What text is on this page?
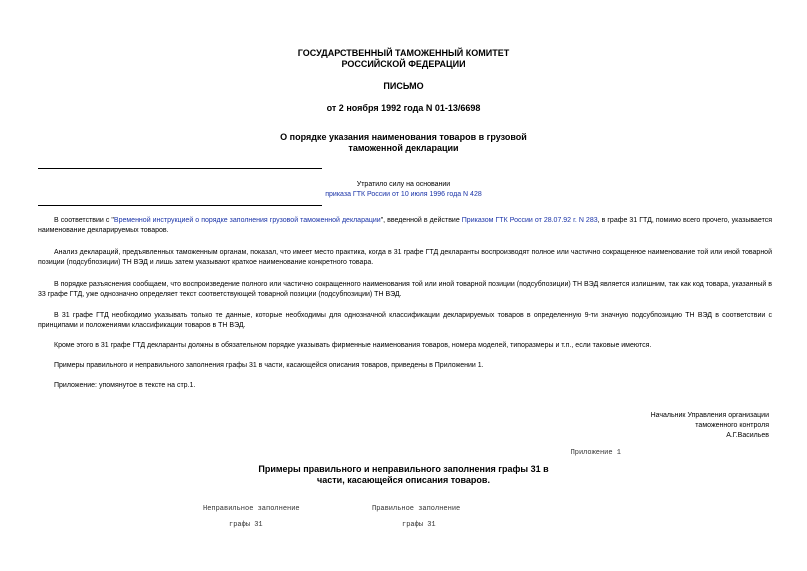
ГОСУДАРСТВЕННЫЙ ТАМОЖЕННЫЙ КОМИТЕТ
РОССИЙСКОЙ ФЕДЕРАЦИИ
ПИСЬМО
от 2 ноября 1992 года N 01-13/6698
О порядке указания наименования товаров в грузовой
таможенной декларации
Утратило силу на основании
приказа ГТК России от 10 июля 1996 года N 428
В соответствии с "Временной инструкцией о порядке заполнения грузовой таможенной декларации", введенной в действие Приказом ГТК России от 28.07.92 г. N 283, в графе 31 ГТД, помимо всего прочего, указывается наименование декларируемых товаров.
Анализ деклараций, предъявленных таможенным органам, показал, что имеет место практика, когда в 31 графе ГТД декларанты воспроизводят полное или частично сокращенное наименование той или иной товарной позиции (подсубпозиции) ТН ВЭД и лишь затем указывают краткое наименование конкретного товара.
В порядке разъяснения сообщаем, что воспроизведение полного или частично сокращенного наименования той или иной товарной позиции (подсубпозиции) ТН ВЭД является излишним, так как код товара, указанный в 33 графе ГТД, уже однозначно определяет текст соответствующей товарной позиции (подсубпозиции) ТН ВЭД.
В 31 графе ГТД необходимо указывать только те данные, которые необходимы для однозначной классификации декларируемых товаров в определенную 9-ти значную подсубпозицию ТН ВЭД в соответствии с принципами и положениями классификации товаров в ТН ВЭД.
Кроме этого в 31 графе ГТД декларанты должны в обязательном порядке указывать фирменные наименования товаров, номера моделей, типоразмеры и т.п., если таковые имеются.
Примеры правильного и неправильного заполнения графы 31 в части, касающейся описания товаров, приведены в Приложении 1.
Приложение: упомянутое в тексте на стр.1.
Начальник Управления организации
таможенного контроля
А.Г.Васильев
Приложение 1
Примеры правильного и неправильного заполнения графы 31 в
части, касающейся описания товаров.
Неправильное заполнение
графы 31
Правильное заполнение
графы 31
